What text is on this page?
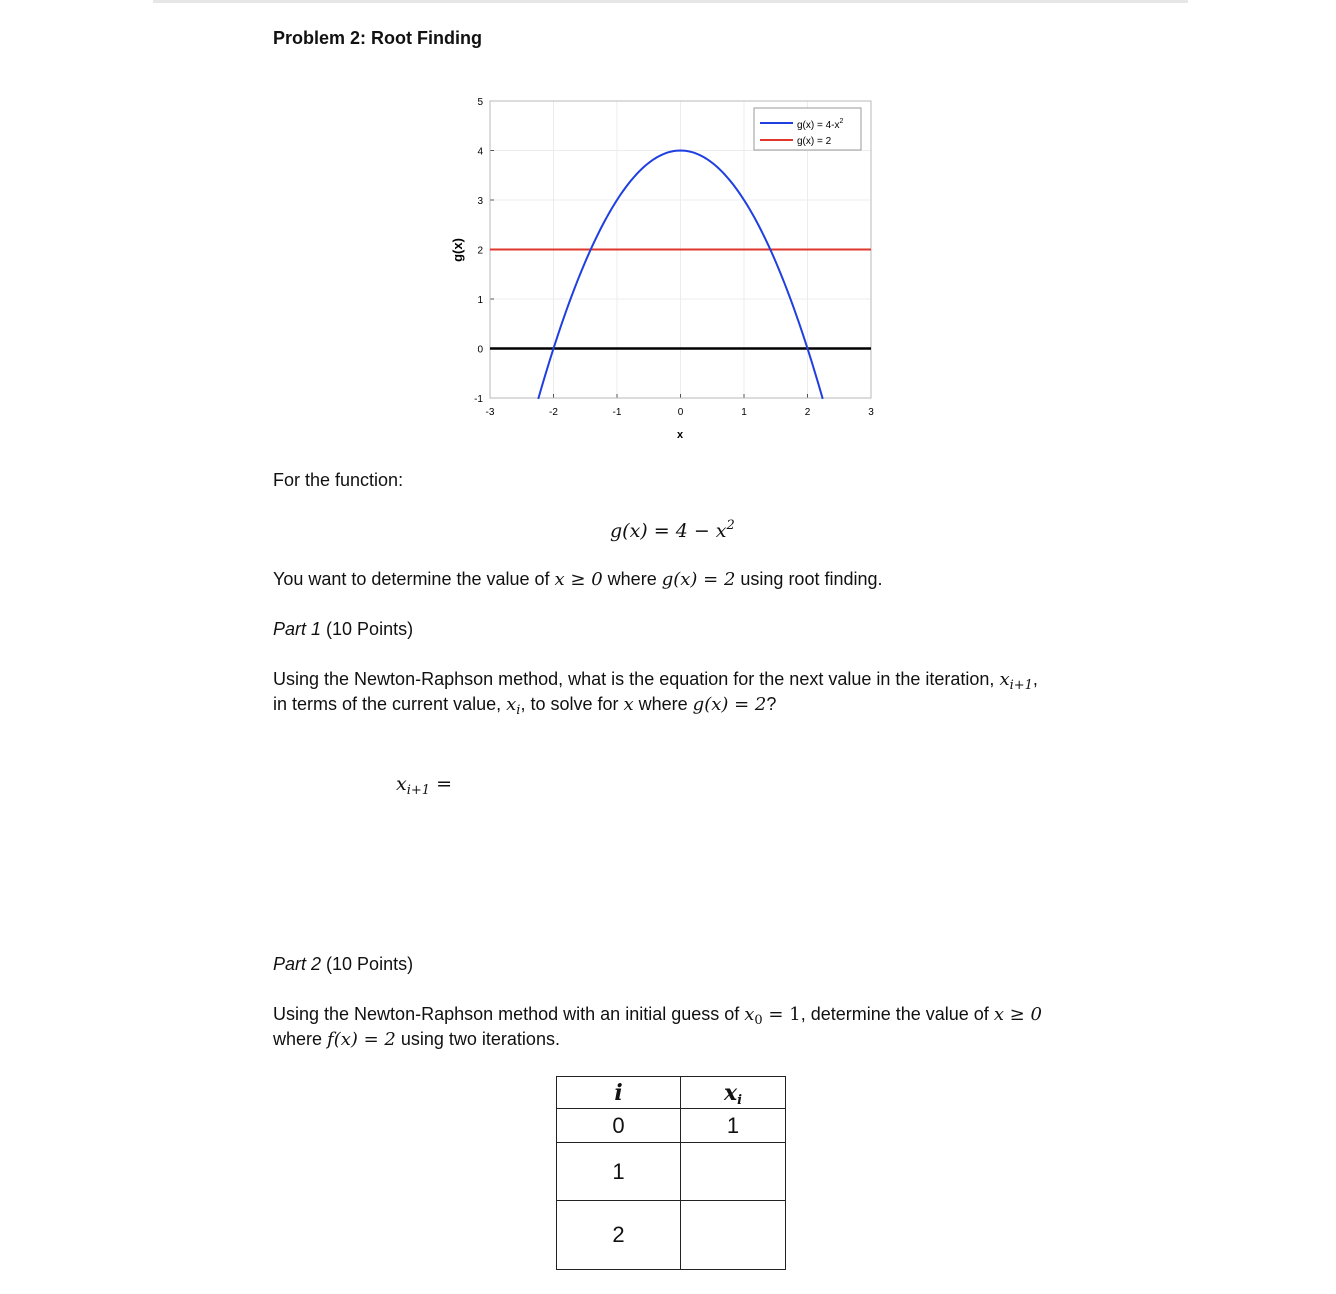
Problem 2: Root Finding
-3	-2	-1	0	1	2	3
5
4
3
2
1
0
-1
x
g(x)
$g(x) = 4-x^2$
g(x) = 2
For the function:
$g(x) = 4 - x^2$
You want to determine the value of x ≥ 0 where g(x) = 2 using root finding.
Part 1 (10 Points)
Using the Newton-Raphson method, what is the equation for the next value in the iteration, $x_{i+1}$,
in terms of the current value, $x_i$, to solve for x where g(x) = 2?
$x_{i+1}$ =
Part 2 (10 Points)
Using the Newton-Raphson method with an initial guess of $x_0 = 1$, determine the value of x ≥ 0
where f(x) = 2 using two iterations.
i	$x_i$
0	1
1	
2	
